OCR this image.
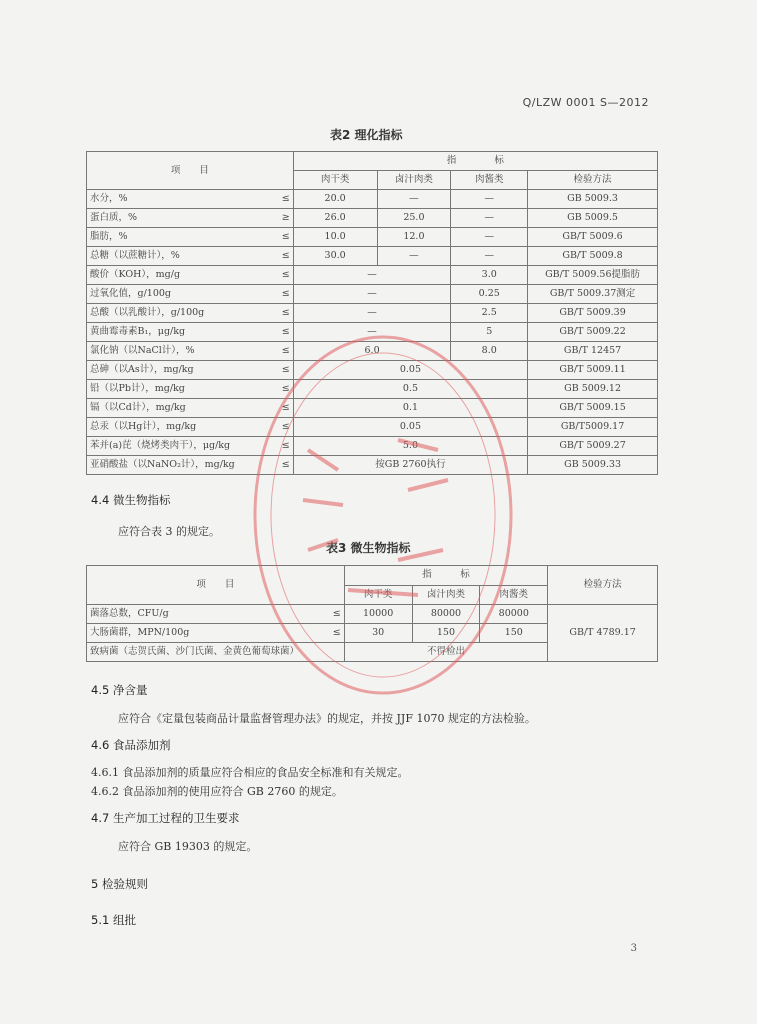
Q/LZW 0001 S—2012
表2 理化指标
项　　目		指　　　　标			
		肉干类	卤汁肉类	肉酱类	检验方法
水分，%	≤	20.0	—	—	GB 5009.3
蛋白质，%	≥	26.0	25.0	—	GB 5009.5
脂肪，%	≤	10.0	12.0	—	GB/T 5009.6
总糖（以蔗糖计），%	≤	30.0	—	—	GB/T 5009.8
酸价（KOH），mg/g	≤	—		3.0	GB/T 5009.56提脂肪
过氧化值，g/100g	≤	—		0.25	GB/T 5009.37测定
总酸（以乳酸计），g/100g	≤	—		2.5	GB/T 5009.39
黄曲霉毒素B₁，μg/kg	≤	—		5	GB/T 5009.22
氯化钠（以NaCl计），%	≤	6.0		8.0	GB/T 12457
总砷（以As计），mg/kg	≤	0.05			GB/T 5009.11
铅（以Pb计），mg/kg	≤	0.5			GB 5009.12
镉（以Cd计），mg/kg	≤	0.1			GB/T 5009.15
总汞（以Hg计），mg/kg	≤	0.05			GB/T5009.17
苯并(a)芘（烧烤类肉干），μg/kg	≤	5.0			GB/T 5009.27
亚硝酸盐（以NaNO₂计），mg/kg	≤	按GB 2760执行			GB 5009.33
4.4 微生物指标
应符合表 3 的规定。
表3 微生物指标
项　　目		指　　　标			检验方法
		肉干类	卤汁肉类	肉酱类	
菌落总数，CFU/g	≤	10000	80000	80000	GB/T 4789.17
大肠菌群，MPN/100g	≤	30	150	150	
致病菌（志贺氏菌、沙门氏菌、金黄色葡萄球菌）		不得检出			
4.5 净含量
应符合《定量包装商品计量监督管理办法》的规定，并按 JJF 1070 规定的方法检验。
4.6 食品添加剂
4.6.1 食品添加剂的质量应符合相应的食品安全标准和有关规定。
4.6.2 食品添加剂的使用应符合 GB 2760 的规定。
4.7 生产加工过程的卫生要求
应符合 GB 19303 的规定。
5 检验规则
5.1 组批
3
